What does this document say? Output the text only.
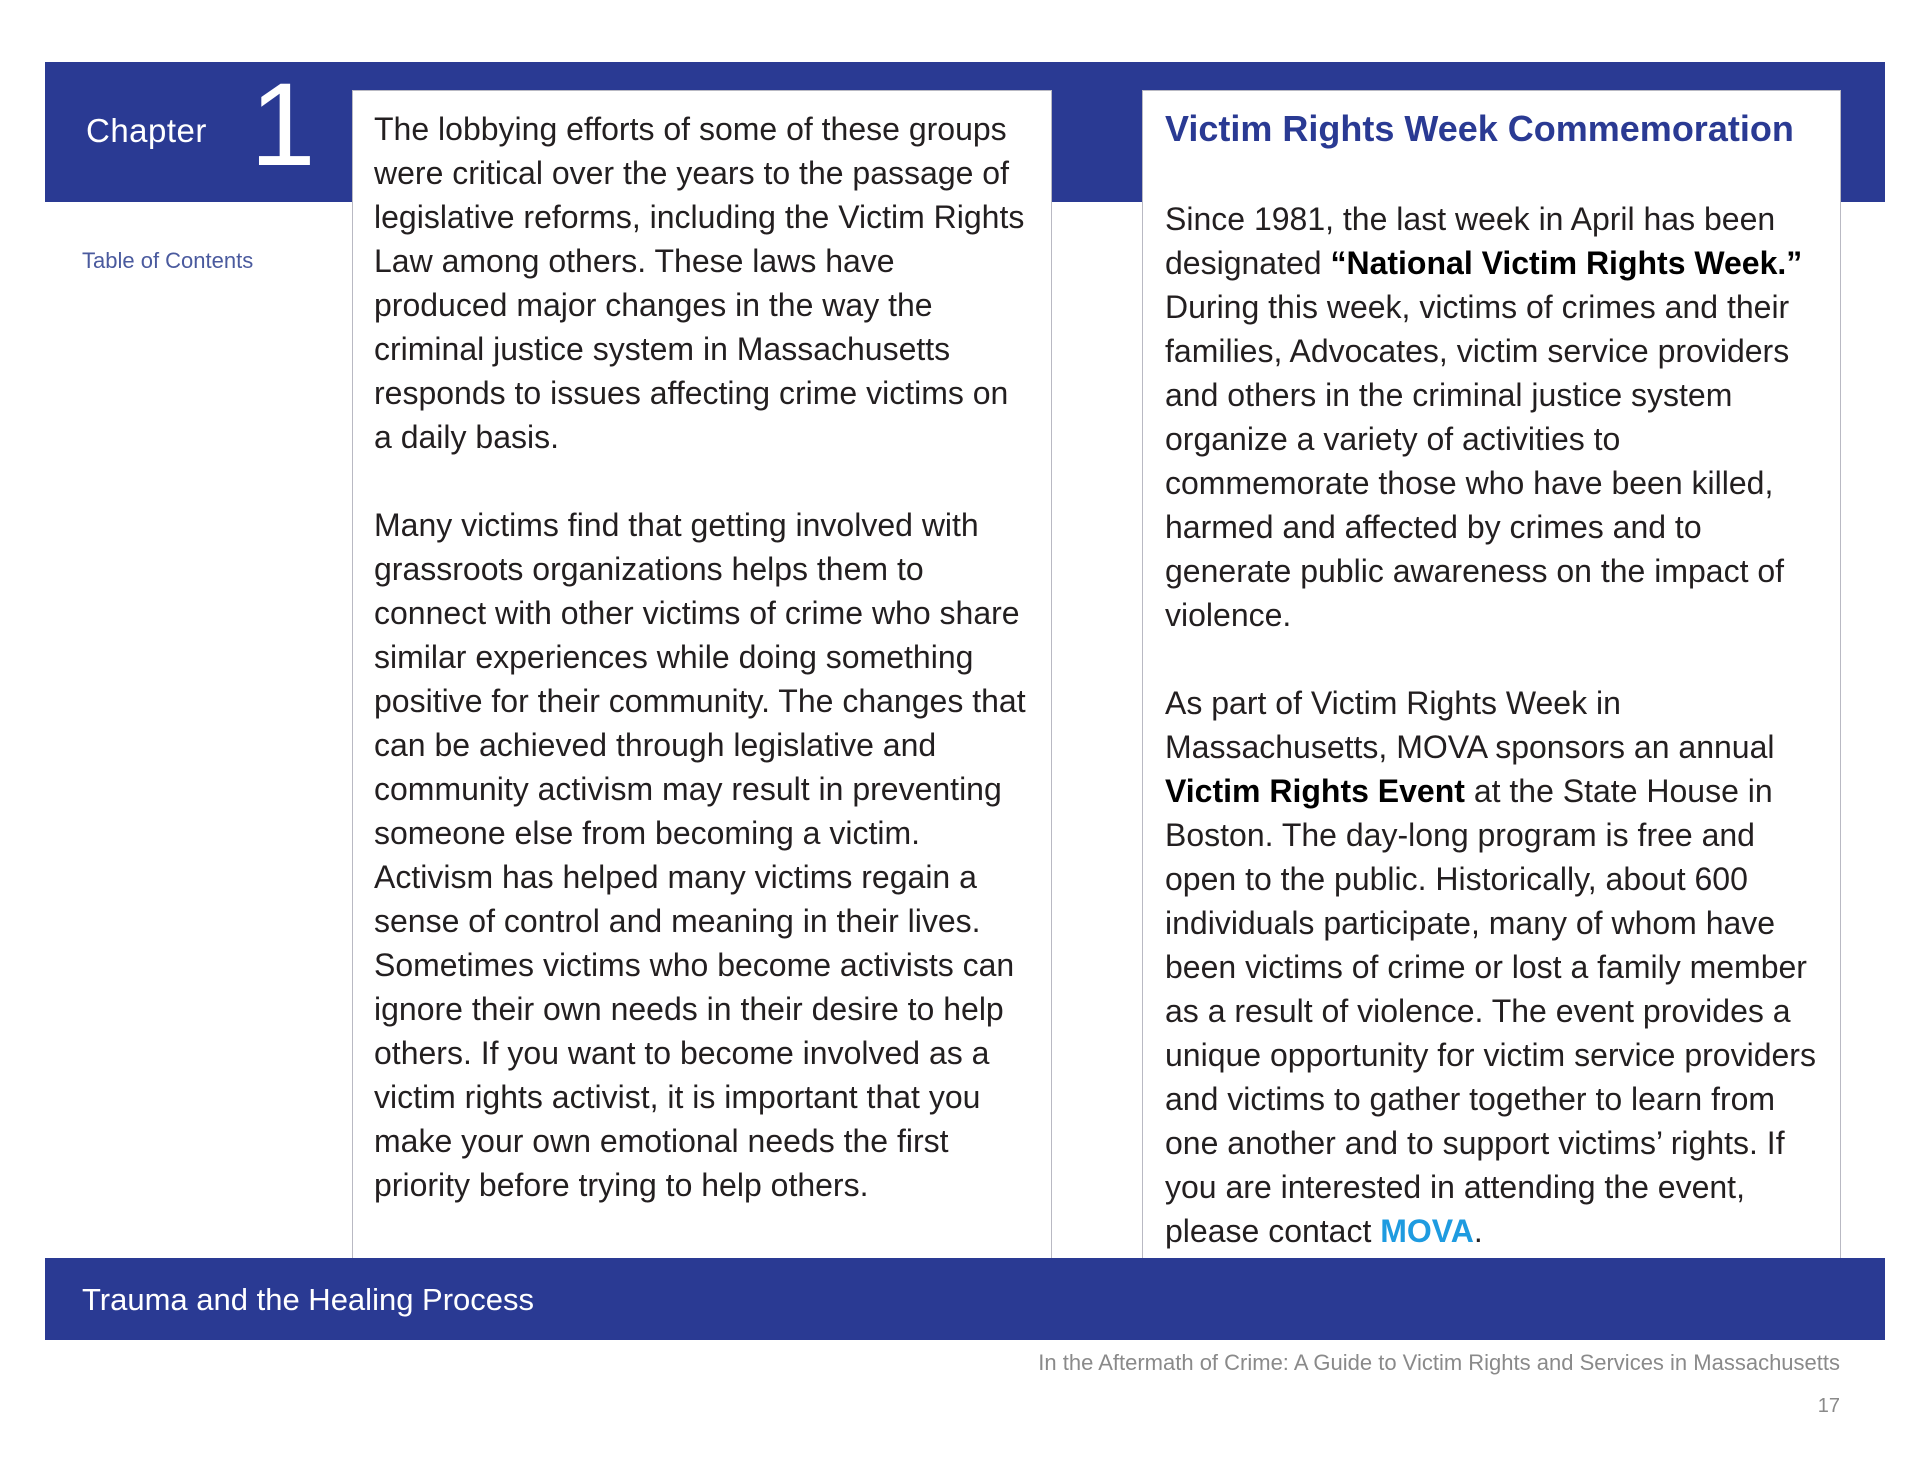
Chapter 1
Table of Contents

The lobbying efforts of some of these groups were critical over the years to the passage of legislative reforms, including the Victim Rights Law among others. These laws have produced major changes in the way the criminal justice system in Massachusetts responds to issues affecting crime victims on a daily basis.

Many victims find that getting involved with grassroots organizations helps them to connect with other victims of crime who share similar experiences while doing something positive for their community. The changes that can be achieved through legislative and community activism may result in preventing someone else from becoming a victim. Activism has helped many victims regain a sense of control and meaning in their lives. Sometimes victims who become activists can ignore their own needs in their desire to help others. If you want to become involved as a victim rights activist, it is important that you make your own emotional needs the first priority before trying to help others.

Victim Rights Week Commemoration

Since 1981, the last week in April has been designated “National Victim Rights Week.” During this week, victims of crimes and their families, Advocates, victim service providers and others in the criminal justice system organize a variety of activities to commemorate those who have been killed, harmed and affected by crimes and to generate public awareness on the impact of violence.

As part of Victim Rights Week in Massachusetts, MOVA sponsors an annual Victim Rights Event at the State House in Boston. The day-long program is free and open to the public. Historically, about 600 individuals participate, many of whom have been victims of crime or lost a family member as a result of violence. The event provides a unique opportunity for victim service providers and victims to gather together to learn from one another and to support victims’ rights. If you are interested in attending the event, please contact MOVA.

Trauma and the Healing Process
In the Aftermath of Crime: A Guide to Victim Rights and Services in Massachusetts
17
